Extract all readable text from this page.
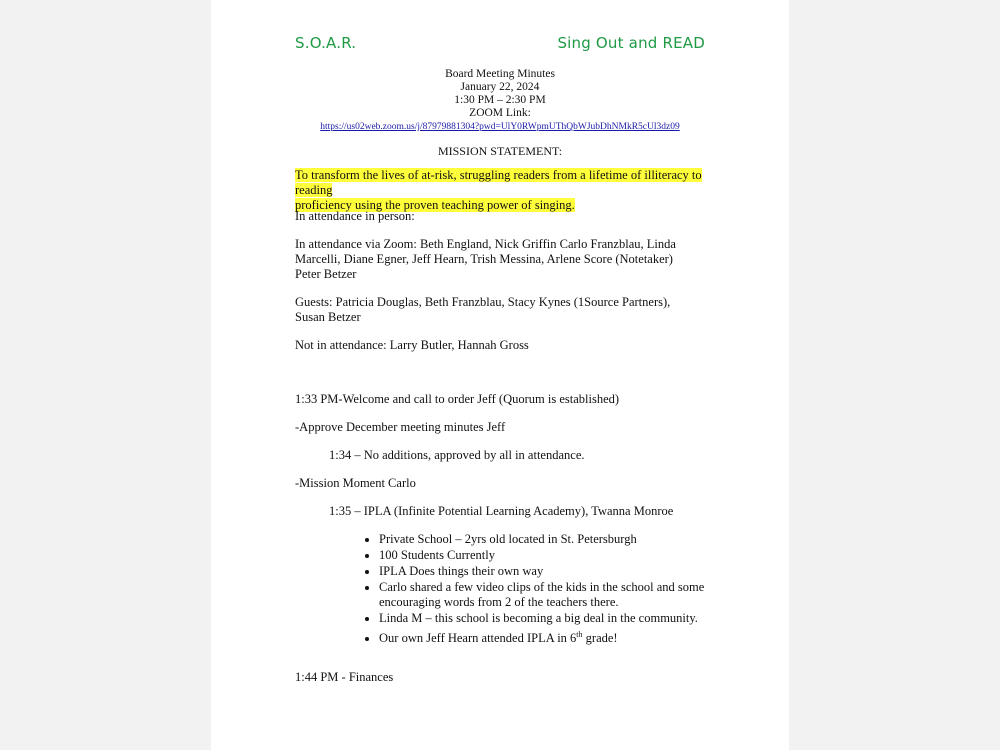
S.O.A.R.	Sing Out and READ
Board Meeting Minutes
January 22, 2024
1:30 PM – 2:30 PM
ZOOM Link:
https://us02web.zoom.us/j/87979881304?pwd=UlY0RWpmUThQbWJubDhNMkR5cUl3dz09
MISSION STATEMENT:
To transform the lives of at-risk, struggling readers from a lifetime of illiteracy to reading
proficiency using the proven teaching power of singing.
In attendance in person:
In attendance via Zoom: Beth England, Nick Griffin Carlo Franzblau, Linda
Marcelli, Diane Egner, Jeff Hearn, Trish Messina, Arlene Score (Notetaker)
Peter Betzer
Guests: Patricia Douglas, Beth Franzblau, Stacy Kynes (1Source Partners),
Susan Betzer
Not in attendance: Larry Butler, Hannah Gross
1:33 PM-Welcome and call to order Jeff (Quorum is established)
-Approve December meeting minutes Jeff
1:34 – No additions, approved by all in attendance.
-Mission Moment Carlo
1:35 – IPLA (Infinite Potential Learning Academy), Twanna Monroe
• Private School – 2yrs old located in St. Petersburgh
• 100 Students Currently
• IPLA Does things their own way
• Carlo shared a few video clips of the kids in the school and some encouraging words from 2 of the teachers there.
• Linda M – this school is becoming a big deal in the community.
• Our own Jeff Hearn attended IPLA in 6th grade!
1:44 PM - Finances
